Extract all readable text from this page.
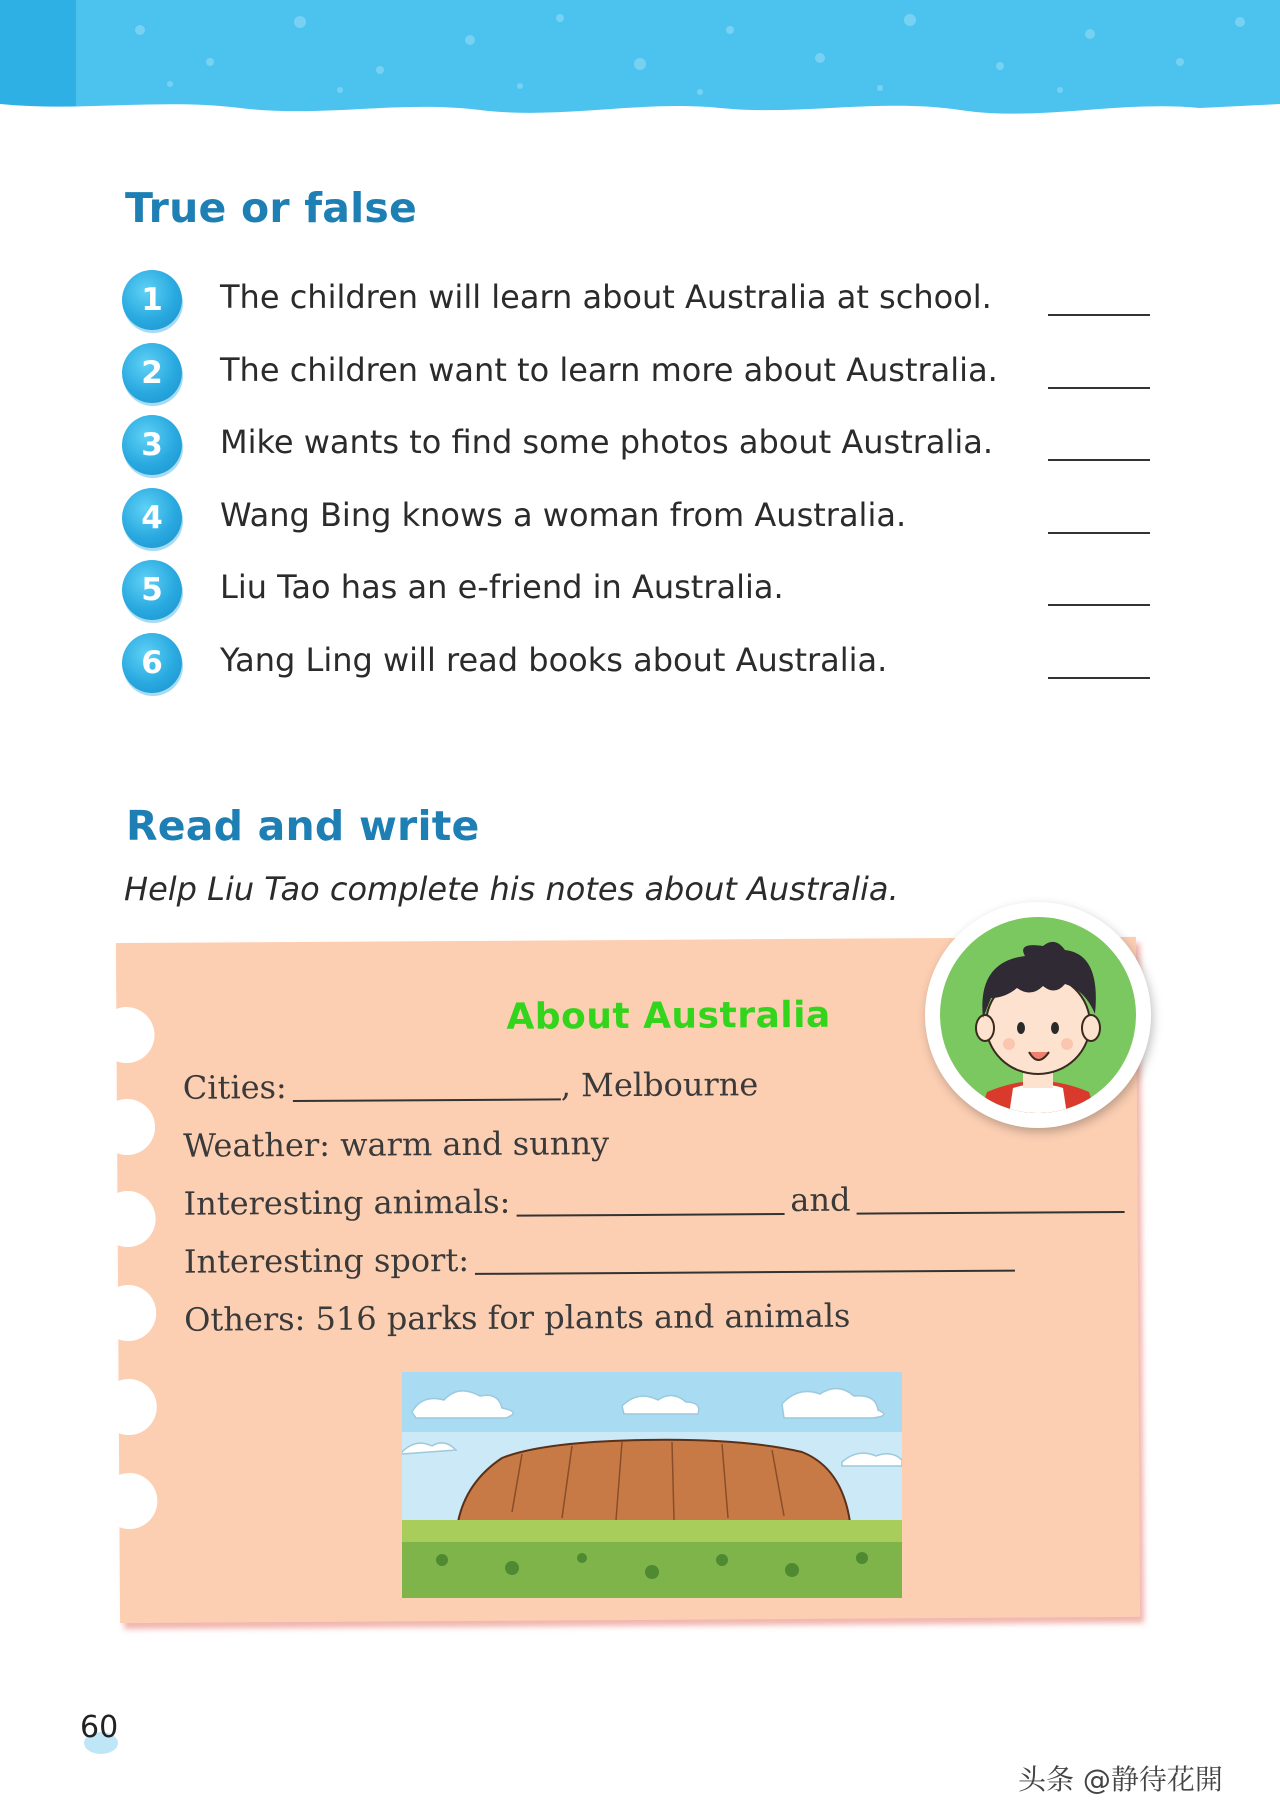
True or false
1	The children will learn about Australia at school.
2	The children want to learn more about Australia.
3	Mike wants to find some photos about Australia.
4	Wang Bing knows a woman from Australia.
5	Liu Tao has an e-friend in Australia.
6	Yang Ling will read books about Australia.
Read and write

Help Liu Tao complete his notes about Australia.

About Australia
Cities:	, Melbourne
Weather: warm and sunny
Interesting animals:	and
Interesting sport:
Others: 516 parks for plants and animals

60

头条 @静待花開
